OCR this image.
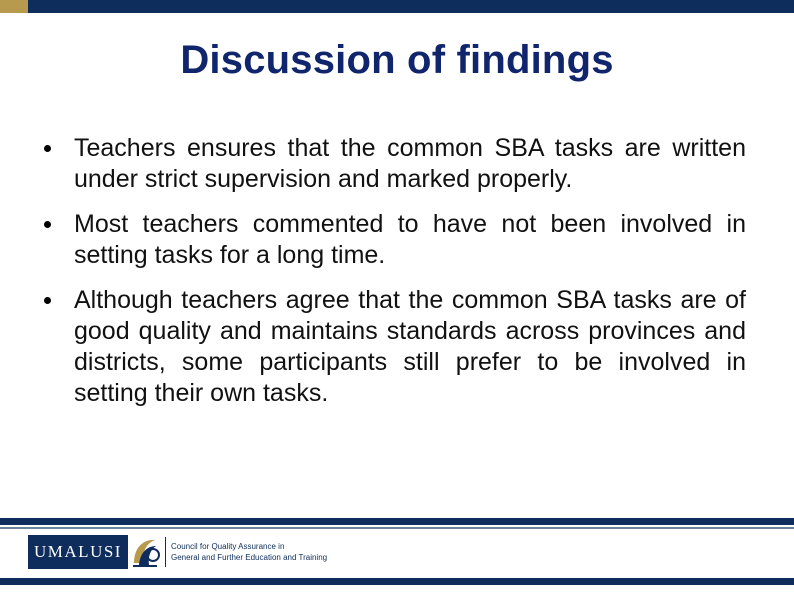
Discussion of findings
Teachers ensures that the common SBA tasks are written under strict supervision and marked properly.
Most teachers commented to have not been involved in setting tasks for a long time.
Although teachers agree that the common SBA tasks are of good quality and maintains standards across provinces and districts, some participants still prefer to be involved in setting their own tasks.
UMALUSI	Council for Quality Assurance in
General and Further Education and Training
